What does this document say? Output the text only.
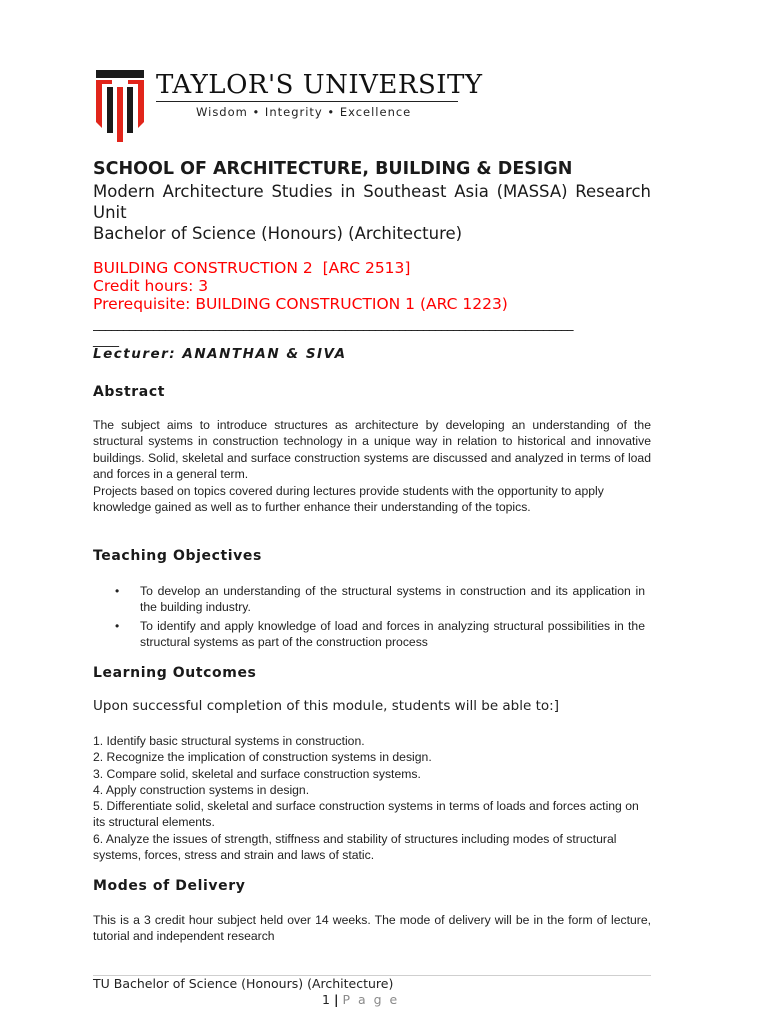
TAYLOR'S UNIVERSITY
Wisdom • Integrity • Excellence
SCHOOL OF ARCHITECTURE, BUILDING & DESIGN
Modern Architecture Studies in Southeast Asia (MASSA) Research Unit
Bachelor of Science (Honours) (Architecture)
BUILDING CONSTRUCTION 2  [ARC 2513]
Credit hours: 3
Prerequisite: BUILDING CONSTRUCTION 1 (ARC 1223)
________________________________________________________________________________
____
Lecturer: ANANTHAN & SIVA
Abstract
The subject aims to introduce structures as architecture by developing an understanding of the structural systems in construction technology in a unique way in relation to historical and innovative buildings. Solid, skeletal and surface construction systems are discussed and analyzed in terms of load and forces in a general term.
Projects based on topics covered during lectures provide students with the opportunity to apply knowledge gained as well as to further enhance their understanding of the topics.
Teaching Objectives
• To develop an understanding of the structural systems in construction and its application in the building industry.
• To identify and apply knowledge of load and forces in analyzing structural possibilities in the structural systems as part of the construction process
Learning Outcomes
Upon successful completion of this module, students will be able to:]
1. Identify basic structural systems in construction.
2. Recognize the implication of construction systems in design.
3. Compare solid, skeletal and surface construction systems.
4. Apply construction systems in design.
5. Differentiate solid, skeletal and surface construction systems in terms of loads and forces acting on its structural elements.
6. Analyze the issues of strength, stiffness and stability of structures including modes of structural systems, forces, stress and strain and laws of static.
Modes of Delivery
This is a 3 credit hour subject held over 14 weeks. The mode of delivery will be in the form of lecture, tutorial and independent research
TU Bachelor of Science (Honours) (Architecture)
1 | P a g e
